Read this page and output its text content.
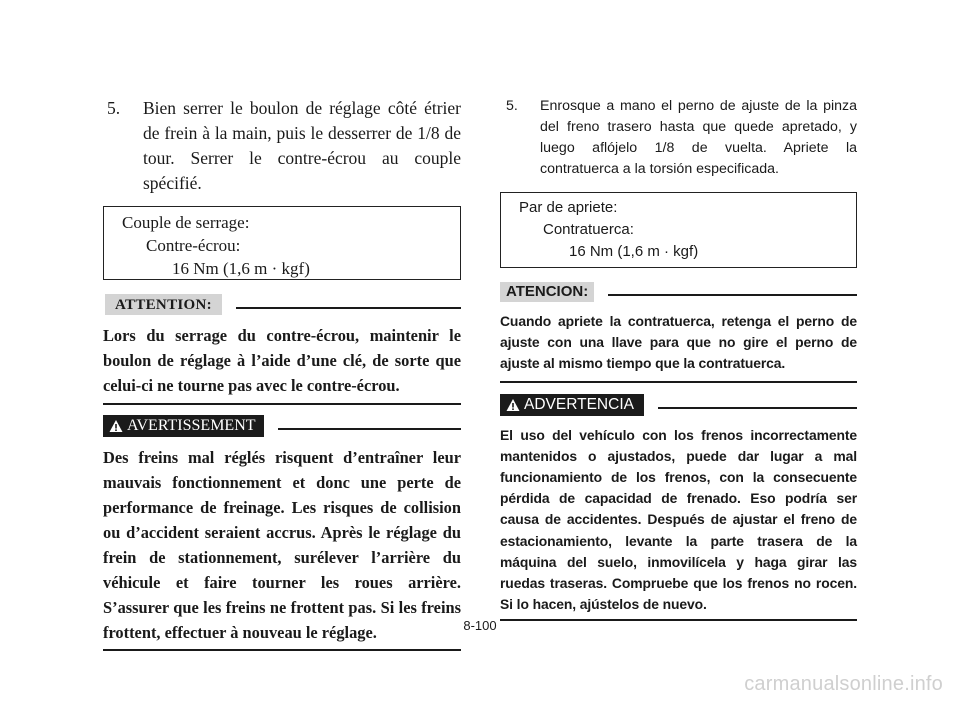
5. Bien serrer le boulon de réglage côté étrier de frein à la main, puis le desserrer de 1/8 de tour. Serrer le contre-écrou au couple spécifié.
Couple de serrage:
Contre-écrou:
16 Nm (1,6 m · kgf)
ATTENTION:
Lors du serrage du contre-écrou, maintenir le boulon de réglage à l’aide d’une clé, de sorte que celui-ci ne tourne pas avec le contre-écrou.
AVERTISSEMENT
Des freins mal réglés risquent d’entraîner leur mauvais fonctionnement et donc une perte de performance de freinage. Les risques de collision ou d’accident seraient accrus. Après le réglage du frein de stationnement, surélever l’arrière du véhicule et faire tourner les roues arrière. S’assurer que les freins ne frottent pas. Si les freins frottent, effectuer à nouveau le réglage.
5. Enrosque a mano el perno de ajuste de la pinza del freno trasero hasta que quede apretado, y luego aflójelo 1/8 de vuelta. Apriete la contratuerca a la torsión especificada.
Par de apriete:
Contratuerca:
16 Nm (1,6 m · kgf)
ATENCION:
Cuando apriete la contratuerca, retenga el perno de ajuste con una llave para que no gire el perno de ajuste al mismo tiempo que la contratuerca.
ADVERTENCIA
El uso del vehículo con los frenos incorrectamente mantenidos o ajustados, puede dar lugar a mal funcionamiento de los frenos, con la consecuente pérdida de capacidad de frenado. Eso podría ser causa de accidentes. Después de ajustar el freno de estacionamiento, levante la parte trasera de la máquina del suelo, inmovilícela y haga girar las ruedas traseras. Compruebe que los frenos no rocen. Si lo hacen, ajústelos de nuevo.
8-100
carmanualsonline.info
